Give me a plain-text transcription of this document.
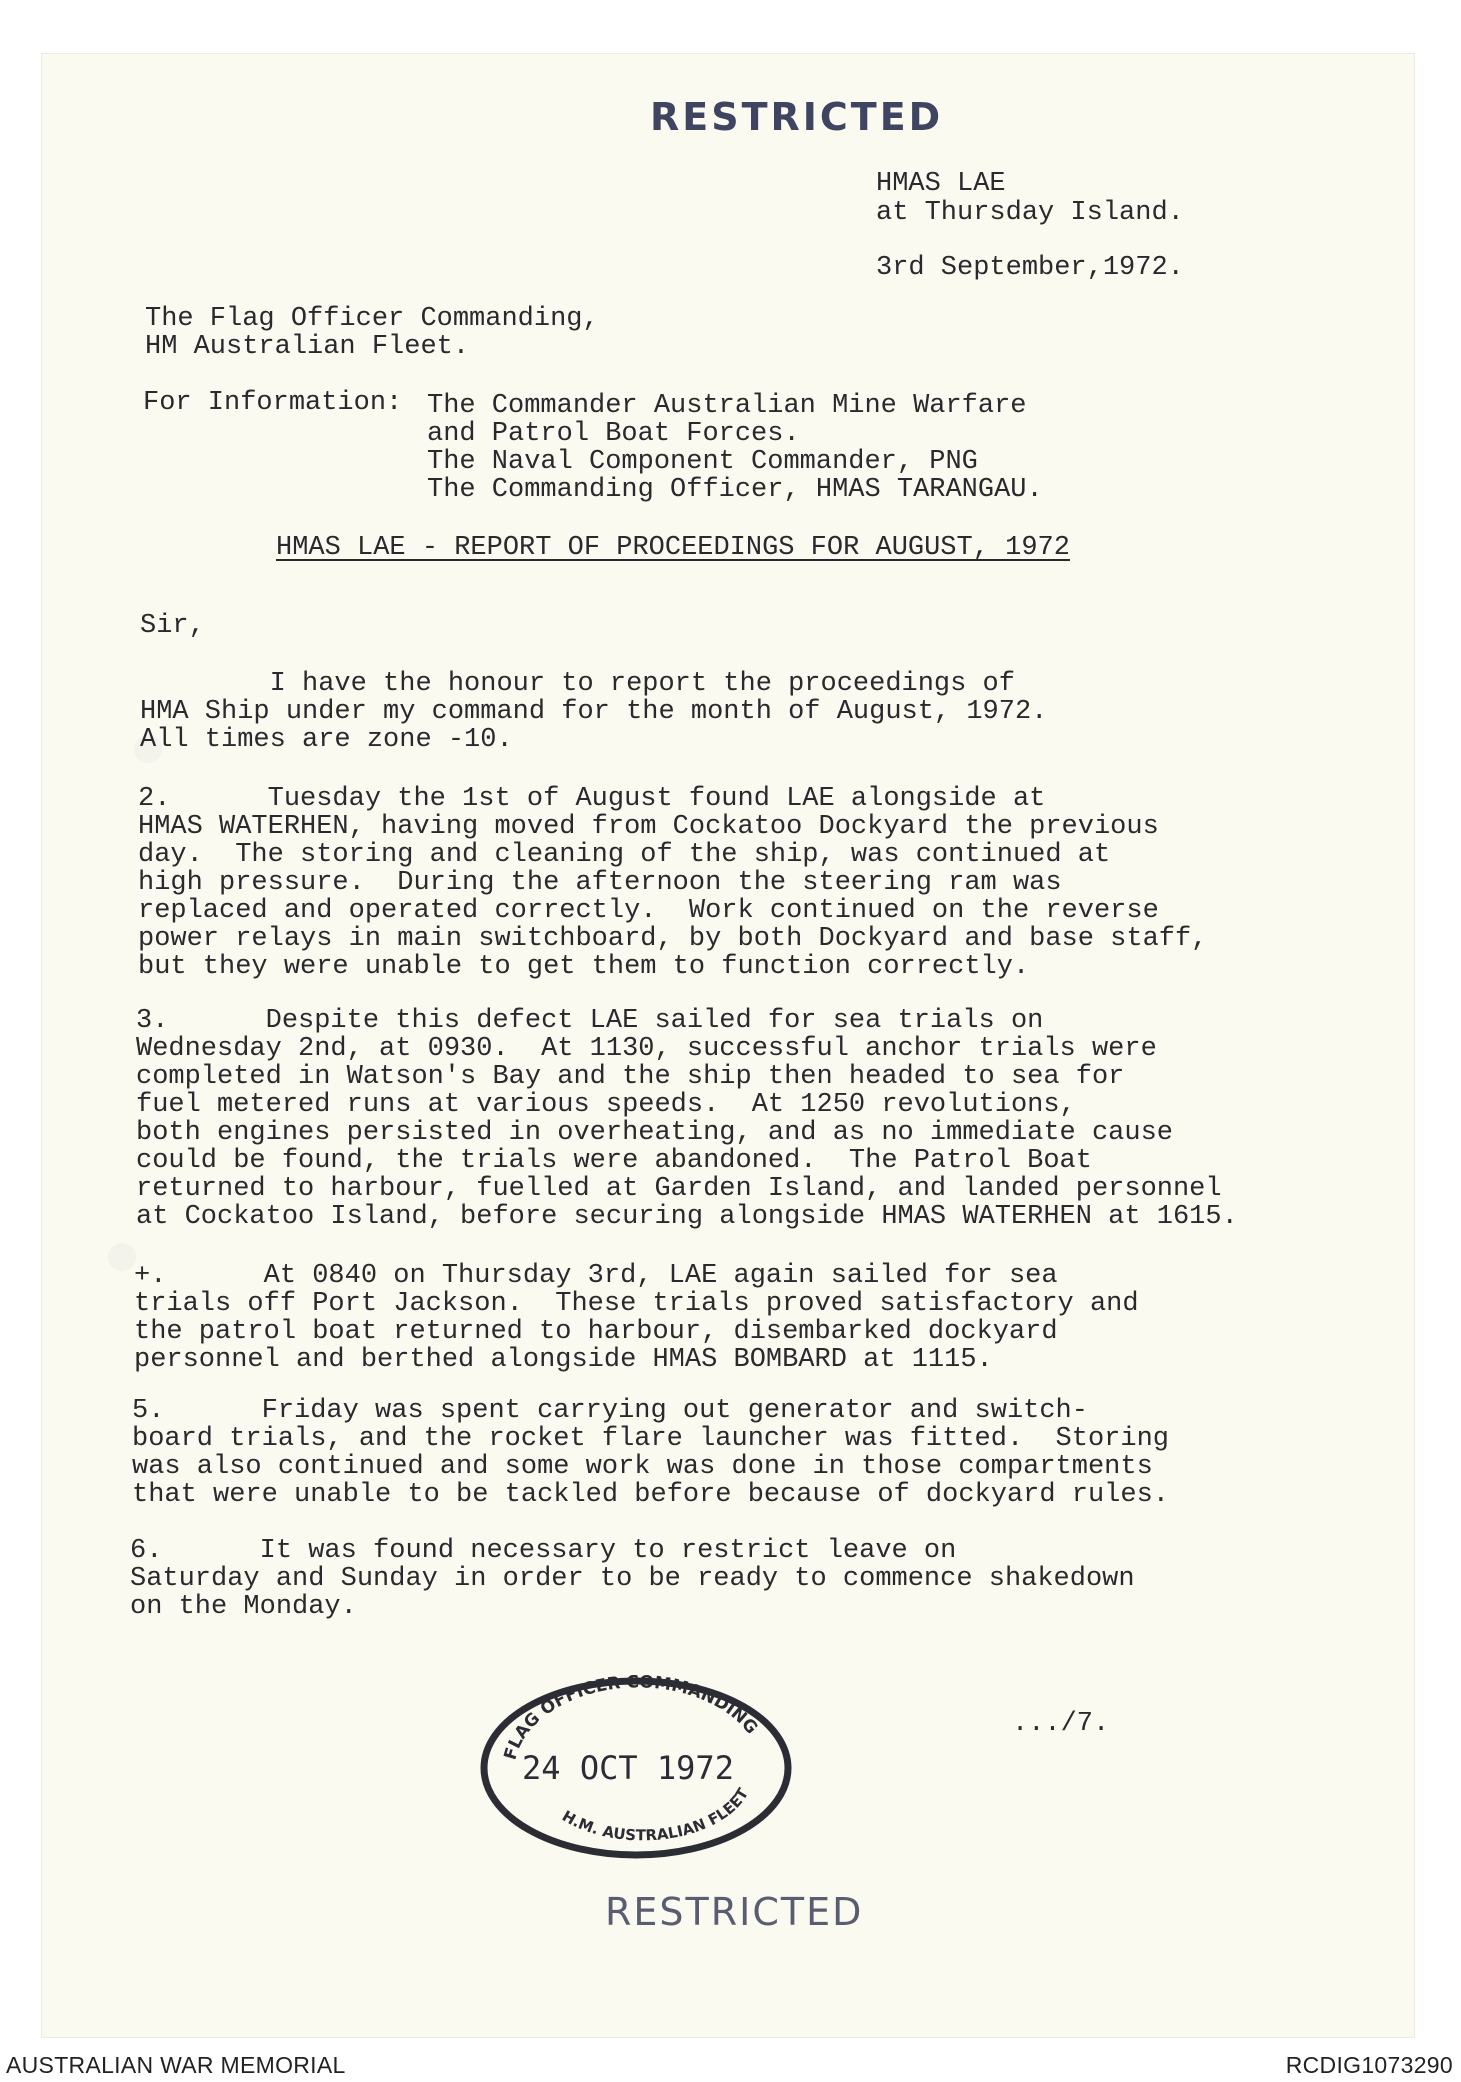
RESTRICTED
HMAS LAE
at Thursday Island.
3rd September,1972.
The Flag Officer Commanding,
HM Australian Fleet.
For Information: The Commander Australian Mine Warfare
and Patrol Boat Forces.
The Naval Component Commander, PNG
The Commanding Officer, HMAS TARANGAU.
HMAS LAE - REPORT OF PROCEEDINGS FOR AUGUST, 1972
Sir,
I have the honour to report the proceedings of
HMA Ship under my command for the month of August, 1972.
All times are zone -10.
2.      Tuesday the 1st of August found LAE alongside at
HMAS WATERHEN, having moved from Cockatoo Dockyard the previous
day.  The storing and cleaning of the ship, was continued at
high pressure.  During the afternoon the steering ram was
replaced and operated correctly.  Work continued on the reverse
power relays in main switchboard, by both Dockyard and base staff,
but they were unable to get them to function correctly.
3.      Despite this defect LAE sailed for sea trials on
Wednesday 2nd, at 0930.  At 1130, successful anchor trials were
completed in Watson's Bay and the ship then headed to sea for
fuel metered runs at various speeds.  At 1250 revolutions,
both engines persisted in overheating, and as no immediate cause
could be found, the trials were abandoned.  The Patrol Boat
returned to harbour, fuelled at Garden Island, and landed personnel
at Cockatoo Island, before securing alongside HMAS WATERHEN at 1615.
+.      At 0840 on Thursday 3rd, LAE again sailed for sea
trials off Port Jackson.  These trials proved satisfactory and
the patrol boat returned to harbour, disembarked dockyard
personnel and berthed alongside HMAS BOMBARD at 1115.
5.      Friday was spent carrying out generator and switch-
board trials, and the rocket flare launcher was fitted.  Storing
was also continued and some work was done in those compartments
that were unable to be tackled before because of dockyard rules.
6.      It was found necessary to restrict leave on
Saturday and Sunday in order to be ready to commence shakedown
on the Monday.
.../7.
FLAG OFFICER COMMANDING
24 OCT 1972
H.M. AUSTRALIAN FLEET
RESTRICTED
AUSTRALIAN WAR MEMORIAL	RCDIG1073290
